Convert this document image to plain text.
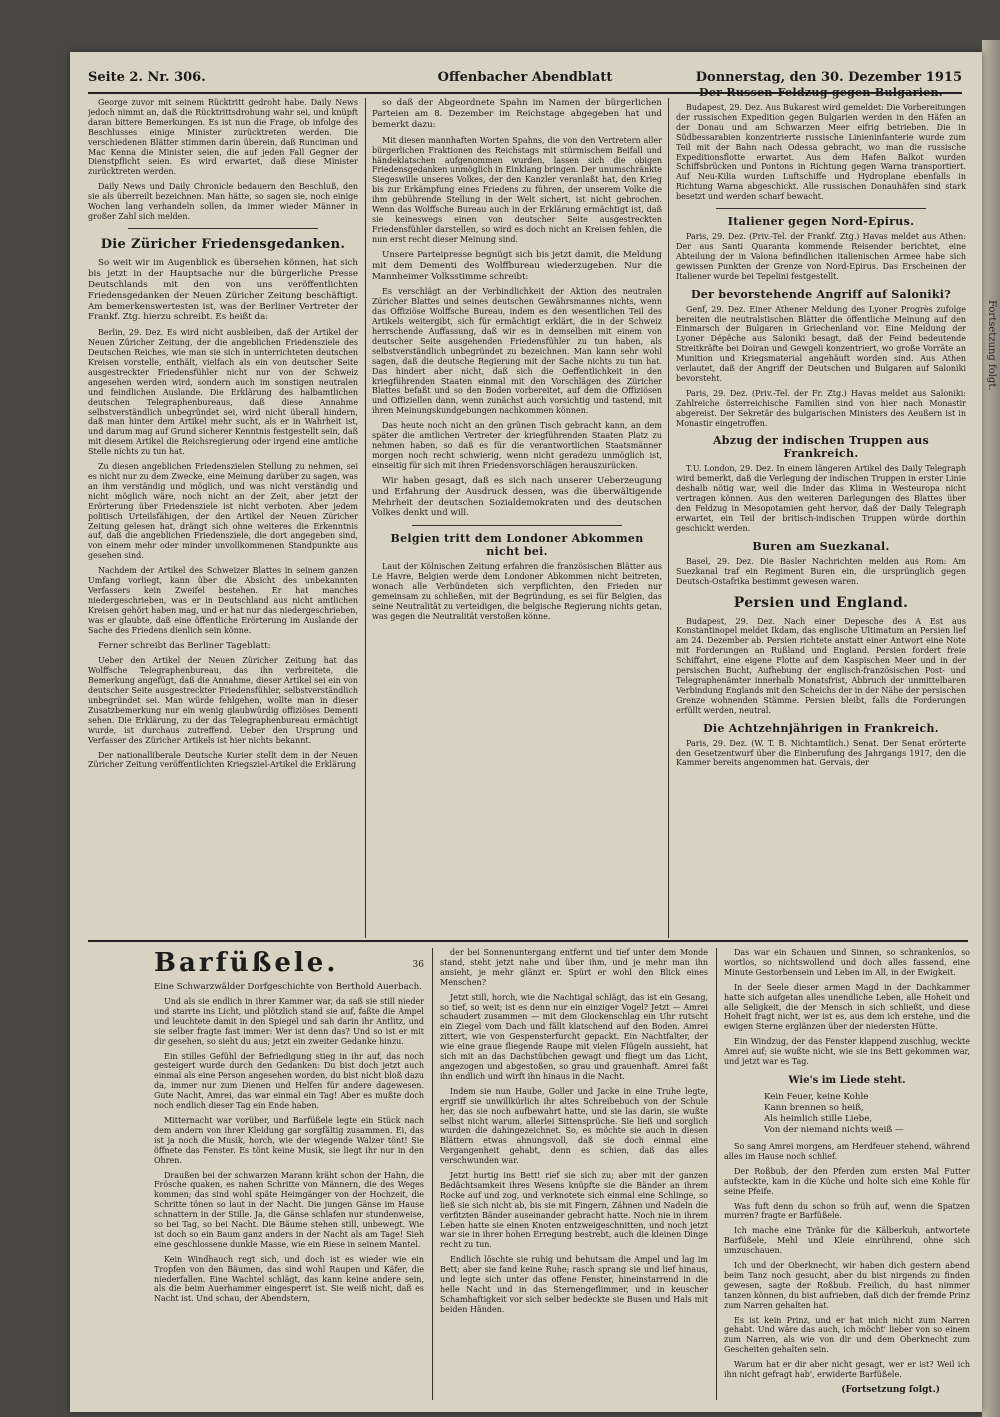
Seite 2. Nr. 306.	Offenbacher Abendblatt	Donnerstag, den 30. Dezember 1915

George zuvor mit seinem Rücktritt gedroht habe. Daily News jedoch nimmt an, daß die Rücktrittsdrohung wahr sei, und knüpft daran bittere Bemerkungen. Es ist nun die Frage, ob infolge des Beschlusses einige Minister zurücktreten werden. Die verschiedenen Blätter stimmen darin überein, daß Runciman und Mac Kenna die Minister seien, die auf jeden Fall Gegner der Dienstpflicht seien. Es wird erwartet, daß diese Minister zurücktreten werden.

Daily News und Daily Chronicle bedauern den Beschluß, den sie als überreilt bezeichnen. Man hätte, so sagen sie, noch einige Wochen lang verhandeln sollen, da immer wieder Männer in großer Zahl sich melden.

Die Züricher Friedensgedanken.

So weit wir im Augenblick es übersehen können, hat sich bis jetzt in der Hauptsache nur die bürgerliche Presse Deutschlands mit den von uns veröffentlichten Friedensgedanken der Neuen Züricher Zeitung beschäftigt. Am bemerkenswertesten ist, was der Berliner Vertreter der Frankf. Ztg. hierzu schreibt. Es heißt da:

Berlin, 29. Dez. Es wird nicht ausbleiben, daß der Artikel der Neuen Züricher Zeitung, der die angeblichen Friedensziele des Deutschen Reiches, wie man sie sich in unterrichteten deutschen Kreisen vorstelle, enthält, vielfach als ein von deutscher Seite ausgestreckter Friedensfühler nicht nur von der Schweiz angesehen werden wird, sondern auch im sonstigen neutralen und feindlichen Auslande. Die Erklärung des halbamtlichen deutschen Telegraphenbureaus, daß diese Annahme selbstverständlich unbegründet sei, wird nicht überall hindern, daß man hinter dem Artikel mehr sucht, als er in Wahrheit ist, und darum mag auf Grund sicherer Kenntnis festgestellt sein, daß mit diesem Artikel die Reichsregierung oder irgend eine amtliche Stelle nichts zu tun hat.

Zu diesen angeblichen Friedenszielen Stellung zu nehmen, sei es nicht nur zu dem Zwecke, eine Meinung darüber zu sagen, was an ihm verständig und möglich, und was nicht verständig und nicht möglich wäre, noch nicht an der Zeit, aber jetzt der Erörterung über Friedensziele ist nicht verboten. Aber jedem politisch Urteilsfähigen, der den Artikel der Neuen Züricher Zeitung gelesen hat, drängt sich ohne weiteres die Erkenntnis auf, daß die angeblichen Friedensziele, die dort angegeben sind, von einem mehr oder minder unvollkommenen Standpunkte aus gesehen sind.

Nachdem der Artikel des Schweizer Blattes in seinem ganzen Umfang vorliegt, kann über die Absicht des unbekannten Verfassers kein Zweifel bestehen. Er hat manches niedergeschrieben, was er in Deutschland aus nicht amtlichen Kreisen gehört haben mag, und er hat nur das niedergeschrieben, was er glaubte, daß eine öffentliche Erörterung im Auslande der Sache des Friedens dienlich sein könne.

Ferner schreibt das Berliner Tageblatt:

Ueber den Artikel der Neuen Züricher Zeitung hat das Wolffsche Telegraphenbureau, das ihn verbreitete, die Bemerkung angefügt, daß die Annahme, dieser Artikel sei ein von deutscher Seite ausgestreckter Friedensfühler, selbstverständlich unbegründet sei. Man würde fehlgehen, wollte man in dieser Zusatzbemerkung nur ein wenig glaubwürdig offiziöses Dementi sehen. Die Erklärung, zu der das Telegraphenbureau ermächtigt wurde, ist durchaus zutreffend. Ueber den Ursprung und Verfasser des Züricher Artikels ist hier nichts bekannt.

Der nationalliberale Deutsche Kurier stellt dem in der Neuen Züricher Zeitung veröffentlichten Kriegsziel-Artikel die Erklärung

so daß der Abgeordnete Spahn im Namen der bürgerlichen Parteien am 8. Dezember im Reichstage abgegeben hat und bemerkt dazu:

Mit diesen mannhaften Worten Spahns, die von den Vertretern aller bürgerlichen Fraktionen des Reichstags mit stürmischem Beifall und händeklatschen aufgenommen wurden, lassen sich die obigen Friedensgedanken unmöglich in Einklang bringen. Der unumschränkte Siegeswille unseres Volkes, der den Kanzler veranlaßt hat, den Krieg bis zur Erkämpfung eines Friedens zu führen, der unserem Volke die ihm gebührende Stellung in der Welt sichert, ist nicht gebrochen. Wenn das Wolffsche Bureau auch in der Erklärung ermächtigt ist, daß sie keineswegs einen von deutscher Seite ausgestreckten Friedensfühler darstellen, so wird es doch nicht an Kreisen fehlen, die nun erst recht dieser Meinung sind.

Unsere Parteipresse begnügt sich bis jetzt damit, die Meldung mit dem Dementi des Wolffbureau wiederzugeben. Nur die Mannheimer Volksstimme schreibt:

Es verschlägt an der Verbindlichkeit der Aktion des neutralen Züricher Blattes und seines deutschen Gewährsmannes nichts, wenn das Offiziöse Wolffsche Bureau, indem es den wesentlichen Teil des Artikels weitergibt, sich für ermächtigt erklärt, die in der Schweiz herrschende Auffassung, daß wir es in demselben mit einem von deutscher Seite ausgehenden Friedensfühler zu tun haben, als selbstverständlich unbegründet zu bezeichnen. Man kann sehr wohl sagen, daß die deutsche Regierung mit der Sache nichts zu tun hat. Das hindert aber nicht, daß sich die Oeffentlichkeit in den kriegführenden Staaten einmal mit den Vorschlägen des Züricher Blattes befaßt und so den Boden vorbereitet, auf dem die Offiziösen und Offiziellen dann, wenn zunächst auch vorsichtig und tastend, mit ihren Meinungskundgebungen nachkommen können.

Das heute noch nicht an den grünen Tisch gebracht kann, an dem später die amtlichen Vertreter der kriegführenden Staaten Platz zu nehmen haben, so daß es für die verantwortlichen Staatsmänner morgen noch recht schwierig, wenn nicht geradezu unmöglich ist, einseitig für sich mit ihren Friedensvorschlägen herauszurücken.

Wir haben gesagt, daß es sich nach unserer Ueberzeugung und Erfahrung der Ausdruck dessen, was die überwältigende Mehrheit der deutschen Sozialdemokraten und des deutschen Volkes denkt und will.

Belgien tritt dem Londoner Abkommen nicht bei.

Laut der Kölnischen Zeitung erfahren die französischen Blätter aus Le Havre, Belgien werde dem Londoner Abkommen nicht beitreten, wonach alle Verbündeten sich verpflichten, den Frieden nur gemeinsam zu schließen, mit der Begründung, es sei für Belgien, das seine Neutralität zu verteidigen, die belgische Regierung nichts getan, was gegen die Neutralität verstoßen könne.

Der Russen-Feldzug gegen Bulgarien.

Budapest, 29. Dez. Aus Bukarest wird gemeldet: Die Vorbereitungen der russischen Expedition gegen Bulgarien werden in den Häfen an der Donau und am Schwarzen Meer eifrig betrieben. Die in Südbessarabien konzentrierte russische Linieninfanterie wurde zum Teil mit der Bahn nach Odessa gebracht, wo man die russische Expeditionsflotte erwartet. Aus dem Hafen Balkot wurden Schiffsbrücken und Pontons in Richtung gegen Warna transportiert. Auf Neu-Kilia wurden Luftschiffe und Hydroplane ebenfalls in Richtung Warna abgeschickt. Alle russischen Donauhäfen sind stark besetzt und werden scharf bewacht.

Italiener gegen Nord-Epirus.

Paris, 29. Dez. (Priv.-Tel. der Frankf. Ztg.) Havas meldet aus Athen: Der aus Santi Quaranta kommende Reisender berichtet, eine Abteilung der in Valona befindlichen italienischen Armee habe sich gewissen Punkten der Grenze von Nord-Epirus. Das Erscheinen der Italiener wurde bei Tepelini festgestellt.

Der bevorstehende Angriff auf Saloniki?

Genf, 29. Dez. Einer Athener Meldung des Lyoner Progrès zufolge bereiten die neutralstischen Blätter die öffentliche Meinung auf den Einmarsch der Bulgaren in Griechenland vor. Eine Meldung der Lyoner Dépêche aus Saloniki besagt, daß der Feind bedeutende Streitkräfte bei Doiran und Gewgeli konzentriert, wo große Vorräte an Munition und Kriegsmaterial angehäuft worden sind. Aus Athen verlautet, daß der Angriff der Deutschen und Bulgaren auf Saloniki bevorsteht.

Paris, 29. Dez. (Priv.-Tel. der Fr. Ztg.) Havas meldet aus Saloniki: Zahlreiche österreichische Familien sind von hier nach Monastir abgereist. Der Sekretär des bulgarischen Ministers des Aeußern ist in Monastir eingetroffen.

Abzug der indischen Truppen aus Frankreich.

T.U. London, 29. Dez. In einem längeren Artikel des Daily Telegraph wird bemerkt, daß die Verlegung der indischen Truppen in erster Linie deshalb nötig war, weil die Inder das Klima in Westeuropa nicht vertragen können. Aus den weiteren Darlegungen des Blattes über den Feldzug in Mesopotamien geht hervor, daß der Daily Telegraph erwartet, ein Teil der britisch-indischen Truppen würde dorthin geschickt werden.

Buren am Suezkanal.

Basel, 29. Dez. Die Basler Nachrichten melden aus Rom: Am Suezkanal traf ein Regiment Buren ein, die ursprünglich gegen Deutsch-Ostafrika bestimmt gewesen waren.

Persien und England.

Budapest, 29. Dez. Nach einer Depesche des A Est aus Konstantinopel meldet Ikdam, das englische Ultimatum an Persien lief am 24. Dezember ab. Persien richtete anstatt einer Antwort eine Note mit Forderungen an Rußland und England. Persien fordert freie Schiffahrt, eine eigene Flotte auf dem Kaspischen Meer und in der persischen Bucht, Aufhebung der englisch-französischen Post- und Telegraphenämter innerhalb Monatsfrist, Abbruch der unmittelbaren Verbindung Englands mit den Scheichs der in der Nähe der persischen Grenze wohnenden Stämme. Persien bleibt, falls die Forderungen erfüllt werden, neutral.

Die Achtzehnjährigen in Frankreich.

Paris, 29. Dez. (W. T. B. Nichtamtlich.) Senat. Der Senat erörterte den Gesetzentwurf über die Einberufung des Jahrgangs 1917, den die Kammer bereits angenommen hat. Gervais, der

Barfüßele.	36
Eine Schwarzwälder Dorfgeschichte von Berthold Auerbach.

Und als sie endlich in ihrer Kammer war, da saß sie still nieder und starrte ins Licht, und plötzlich stand sie auf, faßte die Ampel und leuchtete damit in den Spiegel und sah darin ihr Antlitz, und sie selber fragte fast immer: Wer ist denn das? Und so ist er mit dir gesehen, so sieht du aus; jetzt ein zweiter Gedanke hinzu.

Ein stilles Gefühl der Befriedigung stieg in ihr auf, das noch gesteigert wurde durch den Gedanken: Du bist doch jetzt auch einmal als eine Person angesehen worden, du bist nicht bloß dazu da, immer nur zum Dienen und Helfen für andere dagewesen. Gute Nacht, Amrei, das war einmal ein Tag! Aber es mußte doch noch endlich dieser Tag ein Ende haben.

Mitternacht war vorüber, und Barfüßele legte ein Stück nach dem andern von ihrer Kleidung gar sorgfältig zusammen. Ei, das ist ja noch die Musik, horch, wie der wiegende Walzer tönt! Sie öffnete das Fenster. Es tönt keine Musik, sie liegt ihr nur in den Ohren.

Draußen bei der schwarzen Marann kräht schon der Hahn, die Frösche quaken, es nahen Schritte von Männern, die des Weges kommen; das sind wohl späte Heimgänger von der Hochzeit, die Schritte tönen so laut in der Nacht. Die jungen Gänse im Hause schnattern in der Stille. Ja, die Gänse schlafen nur stundenweise, so bei Tag, so bei Nacht. Die Bäume stehen still, unbewegt. Wie ist doch so ein Baum ganz anders in der Nacht als am Tage! Sieh eine geschlossene dunkle Masse, wie ein Riese in seinem Mantel.

Kein Windhauch regt sich, und doch ist es wieder wie ein Tropfen von den Bäumen, das sind wohl Raupen und Käfer, die niederfallen. Eine Wachtel schlägt, das kann keine andere sein, als die beim Auerhammer eingesperrt ist. Sie weiß nicht, daß es Nacht ist. Und schau, der Abendstern,

der bei Sonnenuntergang entfernt und tief unter dem Monde stand, steht jetzt nahe und über ihm, und je mehr man ihn ansieht, je mehr glänzt er. Spürt er wohl den Blick eines Menschen?

Jetzt still, horch, wie die Nachtigal schlägt, das ist ein Gesang, so tief, so weit; ist es denn nur ein einziger Vogel? Jetzt — Amrei schaudert zusammen — mit dem Glockenschlag ein Uhr rutscht ein Ziegel vom Dach und fällt klatschend auf den Boden. Amrei zittert, wie von Gespensterfurcht gepackt. Ein Nachtfalter, der wie eine graue fliegende Raupe mit vielen Flügeln aussieht, hat sich mit an das Dachstübchen gewagt und fliegt um das Licht, angezogen und abgestoßen, so grau und grauenhaft. Amrei faßt ihn endlich und wirft ihn hinaus in die Nacht.

Indem sie nun Haube, Goller und Jacke in eine Truhe legte, ergriff sie unwillkürlich ihr altes Schreibebuch von der Schule her, das sie noch aufbewahrt hatte, und sie las darin, sie wußte selbst nicht warum, allerlei Sittensprüche. Sie ließ und sorglich wurden die dahingezeichnet. So, es möchte sie auch in diesen Blättern etwas ahnungsvoll, daß sie doch einmal eine Vergangenheit gehabt, denn es schien, daß das alles verschwunden war.

Jetzt hurtig ins Bett! rief sie sich zu; aber mit der ganzen Bedächtsamkeit ihres Wesens knüpfte sie die Bänder an ihrem Rocke auf und zog, und verknotete sich einmal eine Schlinge, so ließ sie sich nicht ab, bis sie mit Fingern, Zähnen und Nadeln die verfitzten Bänder auseinander gebracht hatte. Noch nie in ihrem Leben hatte sie einen Knoten entzweigeschnitten, und noch jetzt war sie in ihrer hohen Erregung bestrebt, auch die kleinen Dinge recht zu tun.

Endlich löschte sie ruhig und behutsam die Ampel und lag im Bett; aber sie fand keine Ruhe; rasch sprang sie und lief hinaus, und legte sich unter das offene Fenster, hineinstarrend in die helle Nacht und in das Sternengeflimmer, und in keuscher Schamhaftigkeit vor sich selber bedeckte sie Busen und Hals mit beiden Händen.

Das war ein Schauen und Sinnen, so schrankenlos, so wortlos, so nichtswollend und doch alles fassend, eine Minute Gestorbensein und Leben im All, in der Ewigkeit.

In der Seele dieser armen Magd in der Dachkammer hatte sich aufgetan alles unendliche Leben, alle Hoheit und alle Seligkeit, die der Mensch in sich schließt, und diese Hoheit fragt nicht, wer ist es, aus dem ich erstehe, und die ewigen Sterne erglänzen über der niedersten Hütte.

Ein Windzug, der das Fenster klappend zuschlug, weckte Amrei auf; sie wußte nicht, wie sie ins Bett gekommen war, und jetzt war es Tag.

Wie's im Liede steht.
Kein Feuer, keine Kohle
Kann brennen so heiß,
Als heimlich stille Liebe,
Von der niemand nichts weiß —

So sang Amrei morgens, am Herdfeuer stehend, während alles im Hause noch schlief.

Der Roßbub, der den Pferden zum ersten Mal Futter aufsteckte, kam in die Küche und holte sich eine Kohle für seine Pfeife.

Was fuft denn du schon so früh auf, wenn die Spatzen murren? fragte er Barfüßele.

Ich mache eine Tränke für die Kälberkuh, antwortete Barfüßele, Mehl und Kleie einrührend, ohne sich umzuschauen.

Ich und der Oberknecht, wir haben dich gestern abend beim Tanz noch gesucht, aber du bist nirgends zu finden gewesen, sagte der Roßbub. Freilich, du hast nimmer tanzen können, du bist aufrieben, daß dich der fremde Prinz zum Narren gehalten hat.

Es ist kein Prinz, und er hat mich nicht zum Narren gehabt. Und wäre das auch, ich möcht' lieber von so einem zum Narren, als wie von dir und dem Oberknecht zum Gescheiten gehalten sein.

Warum hat er dir aber nicht gesagt, wer er ist? Weil ich ihn nicht gefragt hab', erwiderte Barfüßele.

(Fortsetzung folgt.)
Fortsetzung folgt.
